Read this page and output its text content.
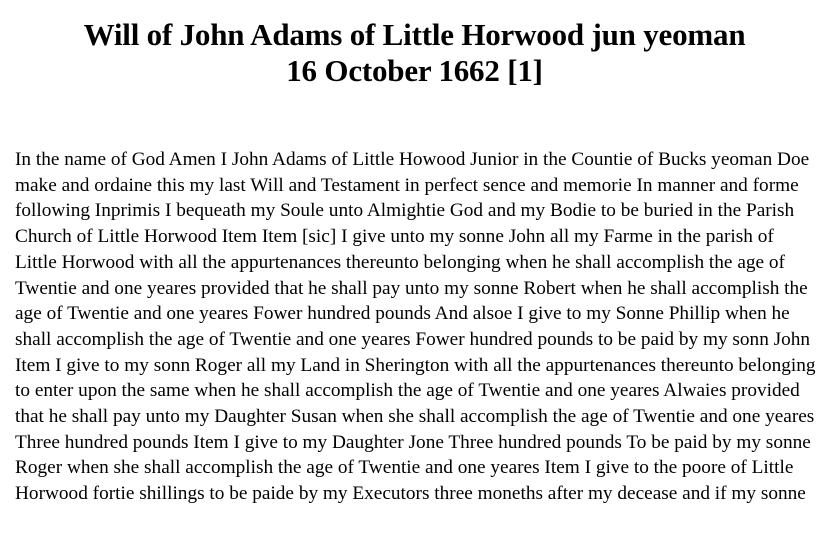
Will of John Adams of Little Horwood jun yeoman
16 October 1662 [1]

In the name of God Amen I John Adams of Little Howood Junior in the Countie of Bucks yeoman Doe make and ordaine this my last Will and Testament in perfect sence and memorie In manner and forme following Inprimis I bequeath my Soule unto Almightie God and my Bodie to be buried in the Parish Church of Little Horwood Item Item [sic] I give unto my sonne John all my Farme in the parish of Little Horwood with all the appurtenances thereunto belonging when he shall accomplish the age of Twentie and one yeares provided that he shall pay unto my sonne Robert when he shall accomplish the age of Twentie and one yeares Fower hundred pounds And alsoe I give to my Sonne Phillip when he shall accomplish the age of Twentie and one yeares Fower hundred pounds to be paid by my sonn John Item I give to my sonn Roger all my Land in Sherington with all the appurtenances thereunto belonging to enter upon the same when he shall accomplish the age of Twentie and one yeares Alwaies provided that he shall pay unto my Daughter Susan when she shall accomplish the age of Twentie and one yeares Three hundred pounds Item I give to my Daughter Jone Three hundred pounds To be paid by my sonne Roger when she shall accomplish the age of Twentie and one yeares Item I give to the poore of Little Horwood fortie shillings to be paide by my Executors three moneths after my decease and if my sonne
